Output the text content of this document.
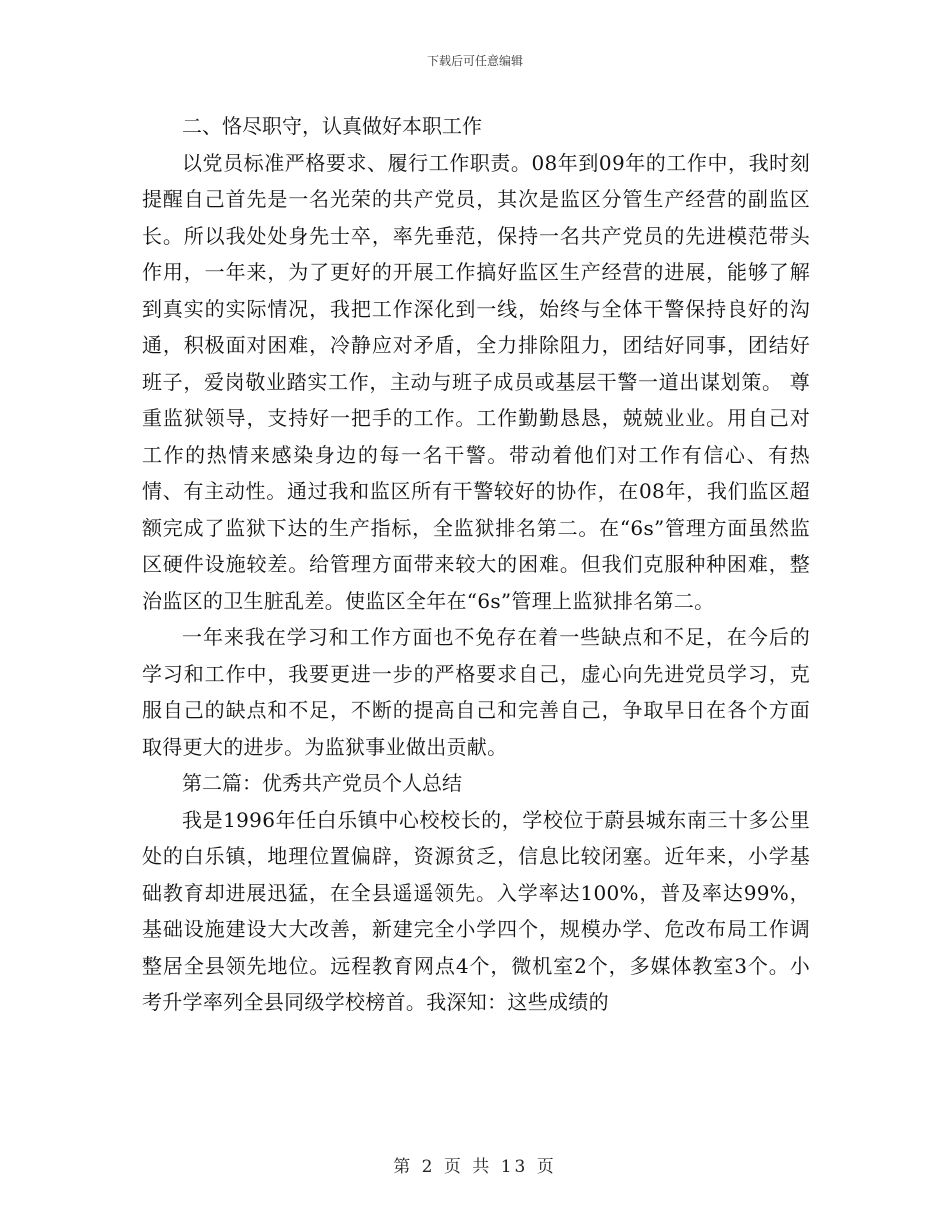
下载后可任意编辑

二、恪尽职守，认真做好本职工作

以党员标准严格要求、履行工作职责。08年到09年的工作中，我时刻提醒自己首先是一名光荣的共产党员，其次是监区分管生产经营的副监区长。所以我处处身先士卒，率先垂范，保持一名共产党员的先进模范带头作用，一年来，为了更好的开展工作搞好监区生产经营的进展，能够了解到真实的实际情况，我把工作深化到一线，始终与全体干警保持良好的沟通，积极面对困难，冷静应对矛盾，全力排除阻力，团结好同事，团结好班子，爱岗敬业踏实工作，主动与班子成员或基层干警一道出谋划策。 尊重监狱领导，支持好一把手的工作。工作勤勤恳恳，兢兢业业。用自己对工作的热情来感染身边的每一名干警。带动着他们对工作有信心、有热情、有主动性。通过我和监区所有干警较好的协作，在08年，我们监区超额完成了监狱下达的生产指标，全监狱排名第二。在“6s”管理方面虽然监区硬件设施较差。给管理方面带来较大的困难。但我们克服种种困难，整治监区的卫生脏乱差。使监区全年在“6s”管理上监狱排名第二。

一年来我在学习和工作方面也不免存在着一些缺点和不足，在今后的学习和工作中，我要更进一步的严格要求自己，虚心向先进党员学习，克服自己的缺点和不足，不断的提高自己和完善自己，争取早日在各个方面取得更大的进步。为监狱事业做出贡献。

第二篇：优秀共产党员个人总结

我是1996年任白乐镇中心校校长的，学校位于蔚县城东南三十多公里处的白乐镇，地理位置偏辟，资源贫乏，信息比较闭塞。近年来，小学基础教育却进展迅猛，在全县遥遥领先。入学率达100%，普及率达99%，基础设施建设大大改善，新建完全小学四个，规模办学、危改布局工作调整居全县领先地位。远程教育网点4个，微机室2个，多媒体教室3个。小考升学率列全县同级学校榜首。我深知：这些成绩的

第 2 页 共 13 页
